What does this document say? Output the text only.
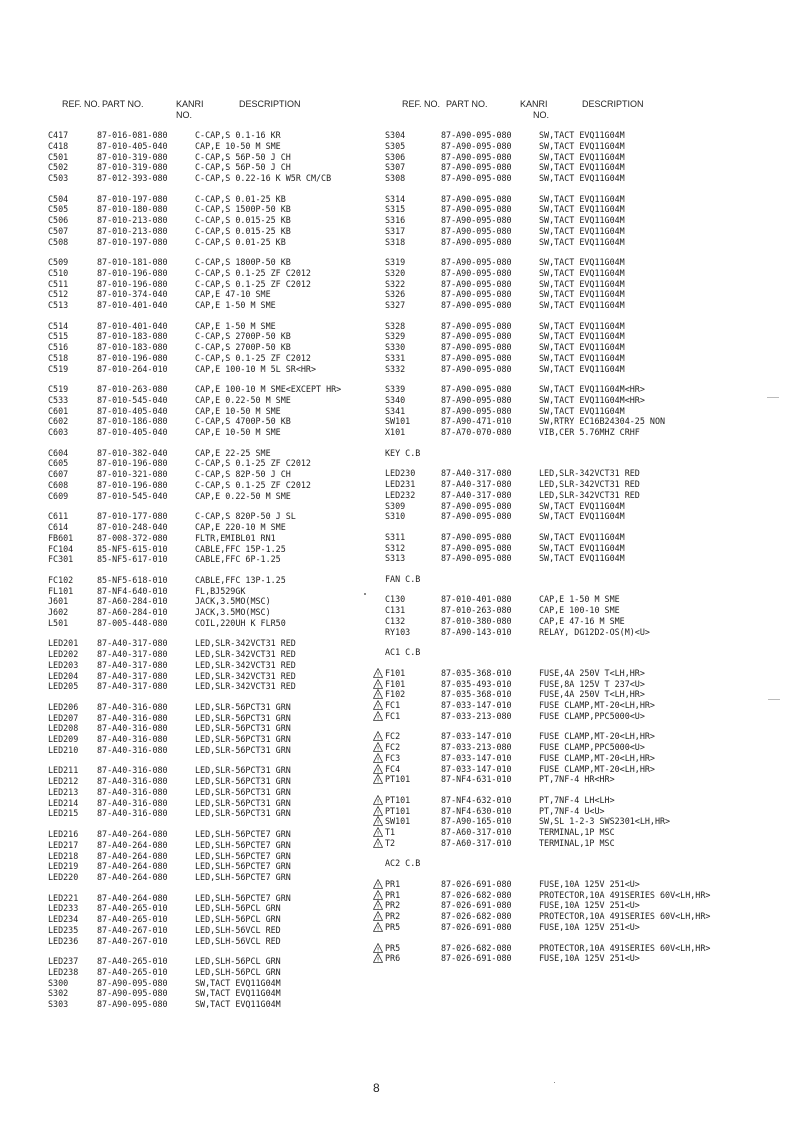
REF. NO. PART NO.	KANRI
NO.
DESCRIPTION	REF. NO. PART NO.	KANRI
NO.
DESCRIPTION
C417	87-016-081-080	C-CAP,S 0.1-16 KR
C418	87-010-405-040	CAP,E 10-50 M SME
C501	87-010-319-080	C-CAP,S 56P-50 J CH
C502	87-010-319-080	C-CAP,S 56P-50 J CH
C503	87-012-393-080	C-CAP,S 0.22-16 K W5R CM/CB
C504	87-010-197-080	C-CAP,S 0.01-25 KB
C505	87-010-180-080	C-CAP,S 1500P-50 KB
C506	87-010-213-080	C-CAP,S 0.015-25 KB
C507	87-010-213-080	C-CAP,S 0.015-25 KB
C508	87-010-197-080	C-CAP,S 0.01-25 KB
C509	87-010-181-080	C-CAP,S 1800P-50 KB
C510	87-010-196-080	C-CAP,S 0.1-25 ZF C2012
C511	87-010-196-080	C-CAP,S 0.1-25 ZF C2012
C512	87-010-374-040	CAP,E 47-10 SME
C513	87-010-401-040	CAP,E 1-50 M SME
C514	87-010-401-040	CAP,E 1-50 M SME
C515	87-010-183-080	C-CAP,S 2700P-50 KB
C516	87-010-183-080	C-CAP,S 2700P-50 KB
C518	87-010-196-080	C-CAP,S 0.1-25 ZF C2012
C519	87-010-264-010	CAP,E 100-10 M 5L SR<HR>
C519	87-010-263-080	CAP,E 100-10 M SME<EXCEPT HR>
C533	87-010-545-040	CAP,E 0.22-50 M SME
C601	87-010-405-040	CAP,E 10-50 M SME
C602	87-010-186-080	C-CAP,S 4700P-50 KB
C603	87-010-405-040	CAP,E 10-50 M SME
C604	87-010-382-040	CAP,E 22-25 SME
C605	87-010-196-080	C-CAP,S 0.1-25 ZF C2012
C607	87-010-321-080	C-CAP,S 82P-50 J CH
C608	87-010-196-080	C-CAP,S 0.1-25 ZF C2012
C609	87-010-545-040	CAP,E 0.22-50 M SME
C611	87-010-177-080	C-CAP,S 820P-50 J SL
C614	87-010-248-040	CAP,E 220-10 M SME
FB601	87-008-372-080	FLTR,EMIBL01 RN1
FC104	85-NF5-615-010	CABLE,FFC 15P-1.25
FC301	85-NF5-617-010	CABLE,FFC 6P-1.25
FC102	85-NF5-618-010	CABLE,FFC 13P-1.25
FL101	87-NF4-640-010	FL,BJ529GK
J601	87-A60-284-010	JACK,3.5MO(MSC)
J602	87-A60-284-010	JACK,3.5MO(MSC)
L501	87-005-448-080	COIL,220UH K FLR50
LED201 87-A40-317-080	LED,SLR-342VCT31 RED
LED202 87-A40-317-080	LED,SLR-342VCT31 RED
LED203 87-A40-317-080	LED,SLR-342VCT31 RED
LED204 87-A40-317-080	LED,SLR-342VCT31 RED
LED205 87-A40-317-080	LED,SLR-342VCT31 RED
LED206 87-A40-316-080	LED,SLR-56PCT31 GRN
LED207 87-A40-316-080	LED,SLR-56PCT31 GRN
LED208 87-A40-316-080	LED,SLR-56PCT31 GRN
LED209 87-A40-316-080	LED,SLR-56PCT31 GRN
LED210 87-A40-316-080	LED,SLR-56PCT31 GRN
LED211 87-A40-316-080	LED,SLR-56PCT31 GRN
LED212 87-A40-316-080	LED,SLR-56PCT31 GRN
LED213 87-A40-316-080	LED,SLR-56PCT31 GRN
LED214 87-A40-316-080	LED,SLR-56PCT31 GRN
LED215 87-A40-316-080	LED,SLR-56PCT31 GRN
LED216 87-A40-264-080	LED,SLH-56PCTE7 GRN
LED217 87-A40-264-080	LED,SLH-56PCTE7 GRN
LED218 87-A40-264-080	LED,SLH-56PCTE7 GRN
LED219 87-A40-264-080	LED,SLH-56PCTE7 GRN
LED220 87-A40-264-080	LED,SLH-56PCTE7 GRN
LED221 87-A40-264-080	LED,SLH-56PCTE7 GRN
LED233 87-A40-265-010	LED,SLH-56PCL GRN
LED234 87-A40-265-010	LED,SLH-56PCL GRN
LED235 87-A40-267-010	LED,SLH-56VCL RED
LED236 87-A40-267-010	LED,SLH-56VCL RED
LED237 87-A40-265-010	LED,SLH-56PCL GRN
LED238 87-A40-265-010	LED,SLH-56PCL GRN
S300	87-A90-095-080	SW,TACT EVQ11G04M
S302	87-A90-095-080	SW,TACT EVQ11G04M
S303	87-A90-095-080	SW,TACT EVQ11G04M
S304	87-A90-095-080	SW,TACT EVQ11G04M
S305	87-A90-095-080	SW,TACT EVQ11G04M
S306	87-A90-095-080	SW,TACT EVQ11G04M
S307	87-A90-095-080	SW,TACT EVQ11G04M
S308	87-A90-095-080	SW,TACT EVQ11G04M
S314	87-A90-095-080	SW,TACT EVQ11G04M
S315	87-A90-095-080	SW,TACT EVQ11G04M
S316	87-A90-095-080	SW,TACT EVQ11G04M
S317	87-A90-095-080	SW,TACT EVQ11G04M
S318	87-A90-095-080	SW,TACT EVQ11G04M
S319	87-A90-095-080	SW,TACT EVQ11G04M
S320	87-A90-095-080	SW,TACT EVQ11G04M
S322	87-A90-095-080	SW,TACT EVQ11G04M
S326	87-A90-095-080	SW,TACT EVQ11G04M
S327	87-A90-095-080	SW,TACT EVQ11G04M
S328	87-A90-095-080	SW,TACT EVQ11G04M
S329	87-A90-095-080	SW,TACT EVQ11G04M
S330	87-A90-095-080	SW,TACT EVQ11G04M
S331	87-A90-095-080	SW,TACT EVQ11G04M
S332	87-A90-095-080	SW,TACT EVQ11G04M
S339	87-A90-095-080	SW,TACT EVQ11G04M<HR>
S340	87-A90-095-080	SW,TACT EVQ11G04M<HR>
S341	87-A90-095-080	SW,TACT EVQ11G04M
SW101	87-A90-471-010	SW,RTRY EC16B24304-25 NON
X101	87-A70-070-080	VIB,CER 5.76MHZ CRHF
KEY C.B
LED230	87-A40-317-080	LED,SLR-342VCT31 RED
LED231	87-A40-317-080	LED,SLR-342VCT31 RED
LED232	87-A40-317-080	LED,SLR-342VCT31 RED
S309	87-A90-095-080	SW,TACT EVQ11G04M
S310	87-A90-095-080	SW,TACT EVQ11G04M
S311	87-A90-095-080	SW,TACT EVQ11G04M
S312	87-A90-095-080	SW,TACT EVQ11G04M
S313	87-A90-095-080	SW,TACT EVQ11G04M
FAN C.B
C130	87-010-401-080	CAP,E 1-50 M SME
C131	87-010-263-080	CAP,E 100-10 SME
C132	87-010-380-080	CAP,E 47-16 M SME
RY103	87-A90-143-010	RELAY, DG12D2-OS(M)<U>
AC1 C.B
! F101	87-035-368-010	FUSE,4A 250V T<LH,HR>
! F101	87-035-493-010	FUSE,8A 125V T 237<U>
! F102	87-035-368-010	FUSE,4A 250V T<LH,HR>
! FC1	87-033-147-010	FUSE CLAMP,MT-20<LH,HR>
! FC1	87-033-213-080	FUSE CLAMP,PPC5000<U>
! FC2	87-033-147-010	FUSE CLAMP,MT-20<LH,HR>
! FC2	87-033-213-080	FUSE CLAMP,PPC5000<U>
! FC3	87-033-147-010	FUSE CLAMP,MT-20<LH,HR>
! FC4	87-033-147-010	FUSE CLAMP,MT-20<LH,HR>
! PT101	87-NF4-631-010	PT,7NF-4 HR<HR>
! PT101	87-NF4-632-010	PT,7NF-4 LH<LH>
! PT101	87-NF4-630-010	PT,7NF-4 U<U>
! SW101	87-A90-165-010	SW,SL 1-2-3 SWS2301<LH,HR>
! T1	87-A60-317-010	TERMINAL,1P MSC
! T2	87-A60-317-010	TERMINAL,1P MSC
AC2 C.B
! PR1	87-026-691-080	FUSE,10A 125V 251<U>
! PR1	87-026-682-080	PROTECTOR,10A 491SERIES 60V<LH,HR>
! PR2	87-026-691-080	FUSE,10A 125V 251<U>
! PR2	87-026-682-080	PROTECTOR,10A 491SERIES 60V<LH,HR>
! PR5	87-026-691-080	FUSE,10A 125V 251<U>
! PR5	87-026-682-080	PROTECTOR,10A 491SERIES 60V<LH,HR>
! PR6	87-026-691-080	FUSE,10A 125V 251<U>
8
